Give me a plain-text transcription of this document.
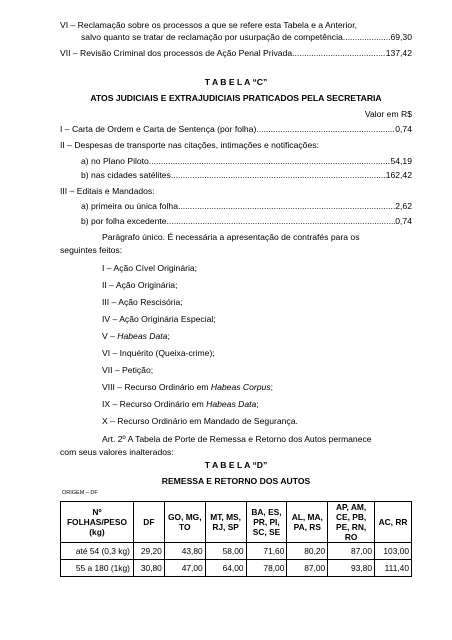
VI – Reclamação sobre os processos a que se refere esta Tabela e a Anterior,
salvo quanto se tratar de reclamação por usurpação de competência .....	69,30
VII – Revisão Criminal dos processos de Ação Penal Privada .....	137,42
T A B E L A “C”
ATOS JUDICIAIS E EXTRAJUDICIAIS PRATICADOS PELA SECRETARIA
Valor em R$
I – Carta de Ordem e Carta de Sentença (por folha) .....	0,74
II – Despesas de transporte nas citações, intimações e notificações:
a) no Plano Piloto .....	54,19
b) nas cidades satélites .....	162,42
III – Editais e Mandados:
a) primeira ou única folha .....	2,62
b) por folha excedente .....	0,74
Parágrafo único. É necessária a apresentação de contrafés para os
seguintes feitos:
I – Ação Cível Originária;
II – Ação Originária;
III – Ação Rescisória;
IV – Ação Originária Especial;
V – Habeas Data;
VI – Inquérito (Queixa-crime);
VII – Petição;
VIII – Recurso Ordinário em Habeas Corpus;
IX – Recurso Ordinário em Habeas Data;
X – Recurso Ordinário em Mandado de Segurança.
Art. 2º A Tabela de Porte de Remessa e Retorno dos Autos permanece
com seus valores inalterados:
T A B E L A “D”
REMESSA E RETORNO DOS AUTOS
ORIGEM – DF
Nº FOLHAS/PESO (kg)	DF	GO, MG, TO	MT, MS, RJ, SP	BA, ES, PR, PI, SC, SE	AL, MA, PA, RS	AP, AM, CE, PB, PE, RN, RO	AC, RR
até 54 (0,3 kg)	29,20	43,80	58,00	71,60	80,20	87,00	103,00
55 a 180 (1kg)	30,80	47,00	64,00	78,00	87,00	93,80	111,40
